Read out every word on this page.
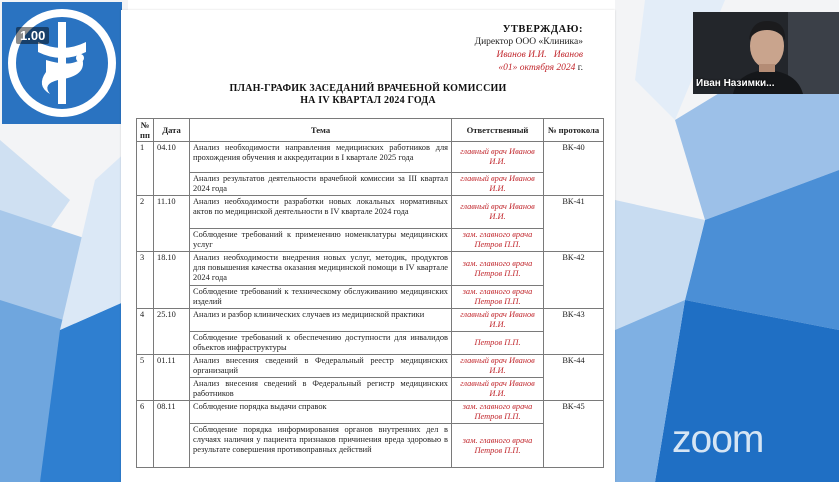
1.00	УТВЕРЖДАЮ:
Директор ООО «Клиника»
Иванов И.И. Иванов
«01» октября 2024 г.
ПЛАН-ГРАФИК ЗАСЕДАНИЙ ВРАЧЕБНОЙ КОМИССИИ
НА IV КВАРТАЛ 2024 ГОДА
№ пп	Дата	Тема	Ответственный	№ протокола
1	04.10	Анализ необходимости направления медицинских работников для прохождения обучения и аккредитации в I квартале 2025 года	главный врач Иванов И.И.	ВК-40
		Анализ результатов деятельности врачебной комиссии за III квартал 2024 года	главный врач Иванов И.И.	
2	11.10	Анализ необходимости разработки новых локальных нормативных актов по медицинской деятельности в IV квартале 2024 года	главный врач Иванов И.И.	ВК-41
		Соблюдение требований к применению номенклатуры медицинских услуг	зам. главного врача Петров П.П.	
3	18.10	Анализ необходимости внедрения новых услуг, методик, продуктов для повышения качества оказания медицинской помощи в IV квартале 2024 года	зам. главного врача Петров П.П.	ВК-42
		Соблюдение требований к техническому обслуживанию медицинских изделий	зам. главного врача Петров П.П.	
4	25.10	Анализ и разбор клинических случаев из медицинской практики	главный врач Иванов И.И.	ВК-43
		Соблюдение требований к обеспечению доступности для инвалидов объектов инфраструктуры	Петров П.П.	
5	01.11	Анализ внесения сведений в Федеральный реестр медицинских организаций	главный врач Иванов И.И.	ВК-44
		Анализ внесения сведений в Федеральный регистр медицинских работников	главный врач Иванов И.И.	
6	08.11	Соблюдение порядка выдачи справок	зам. главного врача Петров П.П.	ВК-45
		Соблюдение порядка информирования органов внутренних дел в случаях наличия у пациента признаков причинения вреда здоровью в результате совершения противоправных действий	зам. главного врача Петров П.П.	
Иван Назимки...
zoom
